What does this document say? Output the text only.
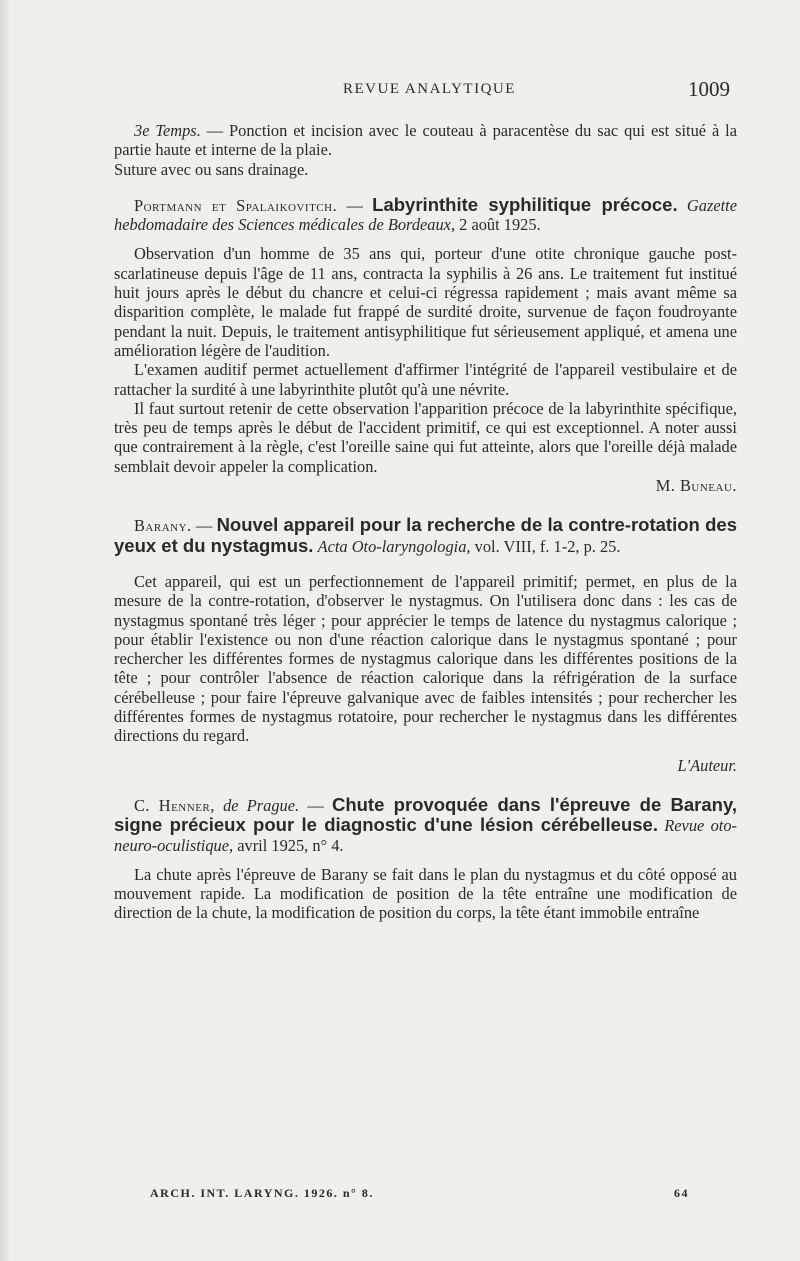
REVUE ANALYTIQUE	1009

3e Temps. — Ponction et incision avec le couteau à paracentèse du sac qui est situé à la partie haute et interne de la plaie.

Suture avec ou sans drainage.

Portmann et Spalaikovitch. — Labyrinthite syphilitique précoce. Gazette hebdomadaire des Sciences médicales de Bordeaux, 2 août 1925.

Observation d'un homme de 35 ans qui, porteur d'une otite chronique gauche post-scarlatineuse depuis l'âge de 11 ans, contracta la syphilis à 26 ans. Le traitement fut institué huit jours après le début du chancre et celui-ci régressa rapidement ; mais avant même sa disparition complète, le malade fut frappé de surdité droite, survenue de façon foudroyante pendant la nuit. Depuis, le traitement antisyphilitique fut sérieusement appliqué, et amena une amélioration légère de l'audition.

L'examen auditif permet actuellement d'affirmer l'intégrité de l'appareil vestibulaire et de rattacher la surdité à une labyrinthite plutôt qu'à une névrite.

Il faut surtout retenir de cette observation l'apparition précoce de la labyrinthite spécifique, très peu de temps après le début de l'accident primitif, ce qui est exceptionnel. A noter aussi que contrairement à la règle, c'est l'oreille saine qui fut atteinte, alors que l'oreille déjà malade semblait devoir appeler la complication.

M. Buneau.

Barany. — Nouvel appareil pour la recherche de la contre-rotation des yeux et du nystagmus. Acta Oto-laryngologia, vol. VIII, f. 1-2, p. 25.

Cet appareil, qui est un perfectionnement de l'appareil primitif; permet, en plus de la mesure de la contre-rotation, d'observer le nystagmus. On l'utilisera donc dans : les cas de nystagmus spontané très léger ; pour apprécier le temps de latence du nystagmus calorique ; pour établir l'existence ou non d'une réaction calorique dans le nystagmus spontané ; pour rechercher les différentes formes de nystagmus calorique dans les différentes positions de la tête ; pour contrôler l'absence de réaction calorique dans la réfrigération de la surface cérébelleuse ; pour faire l'épreuve galvanique avec de faibles intensités ; pour rechercher les différentes formes de nystagmus rotatoire, pour rechercher le nystagmus dans les différentes directions du regard.

L'Auteur.

C. Henner, de Prague. — Chute provoquée dans l'épreuve de Barany, signe précieux pour le diagnostic d'une lésion cérébelleuse. Revue oto-neuro-oculistique, avril 1925, n° 4.

La chute après l'épreuve de Barany se fait dans le plan du nystagmus et du côté opposé au mouvement rapide. La modification de position de la tête entraîne une modification de direction de la chute, la modification de position du corps, la tête étant immobile entraîne

ARCH. INT. LARYNG. 1926. n° 8.	64
